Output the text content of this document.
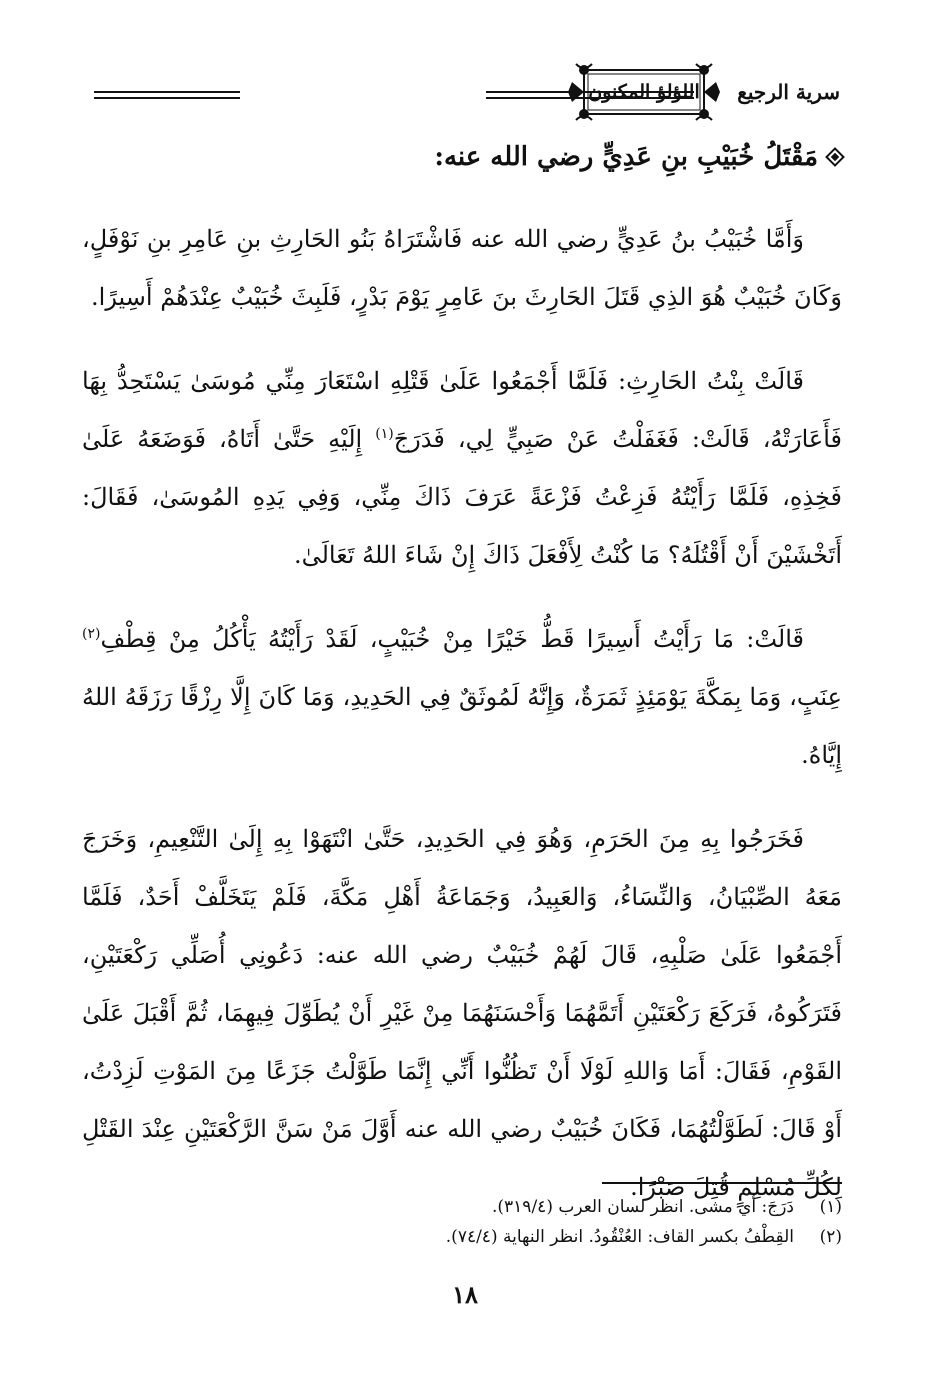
اللؤلؤ المكنون سرية الرجيع
مَقْتَلُ خُبَيْبِ بنِ عَدِيٍّ رضي الله عنه:

وَأَمَّا خُبَيْبُ بنُ عَدِيٍّ رضي الله عنه فَاشْتَرَاهُ بَنُو الحَارِثِ بنِ عَامِرِ بنِ نَوْفَلٍ، وَكَانَ خُبَيْبٌ هُوَ الذِي قَتَلَ الحَارِثَ بنَ عَامِرٍ يَوْمَ بَدْرٍ، فَلَبِثَ خُبَيْبٌ عِنْدَهُمْ أَسِيرًا.

قَالَتْ بِنْتُ الحَارِثِ: فَلَمَّا أَجْمَعُوا عَلَىٰ قَتْلِهِ اسْتَعَارَ مِنِّي مُوسَىٰ يَسْتَحِدُّ بِهَا فَأَعَارَتْهُ، قَالَتْ: فَغَفَلْتُ عَنْ صَبِيٍّ لِي، فَدَرَجَ$^{(١)}$ إِلَيْهِ حَتَّىٰ أَتَاهُ، فَوَضَعَهُ عَلَىٰ فَخِذِهِ، فَلَمَّا رَأَيْتُهُ فَزِعْتُ فَزْعَةً عَرَفَ ذَاكَ مِنِّي، وَفِي يَدِهِ المُوسَىٰ، فَقَالَ: أَتَخْشَيْنَ أَنْ أَقْتُلَهُ؟ مَا كُنْتُ لِأَفْعَلَ ذَاكَ إِنْ شَاءَ اللهُ تَعَالَىٰ.

قَالَتْ: مَا رَأَيْتُ أَسِيرًا قَطُّ خَيْرًا مِنْ خُبَيْبٍ، لَقَدْ رَأَيْتُهُ يَأْكُلُ مِنْ قِطْفِ$^{(٢)}$ عِنَبٍ، وَمَا بِمَكَّةَ يَوْمَئِذٍ ثَمَرَةٌ، وَإِنَّهُ لَمُوثَقٌ فِي الحَدِيدِ، وَمَا كَانَ إِلَّا رِزْقًا رَزَقَهُ اللهُ إِيَّاهُ.

فَخَرَجُوا بِهِ مِنَ الحَرَمِ، وَهُوَ فِي الحَدِيدِ، حَتَّىٰ انْتَهَوْا بِهِ إِلَىٰ التَّنْعِيمِ، وَخَرَجَ مَعَهُ الصِّبْيَانُ، وَالنِّسَاءُ، وَالعَبِيدُ، وَجَمَاعَةُ أَهْلِ مَكَّةَ، فَلَمْ يَتَخَلَّفْ أَحَدٌ، فَلَمَّا أَجْمَعُوا عَلَىٰ صَلْبِهِ، قَالَ لَهُمْ خُبَيْبٌ رضي الله عنه: دَعُونِي أُصَلِّي رَكْعَتَيْنِ، فَتَرَكُوهُ، فَرَكَعَ رَكْعَتَيْنِ أَتَمَّهُمَا وَأَحْسَنَهُمَا مِنْ غَيْرِ أَنْ يُطَوِّلَ فِيهِمَا، ثُمَّ أَقْبَلَ عَلَىٰ القَوْمِ، فَقَالَ: أَمَا وَاللهِ لَوْلَا أَنْ تَظُنُّوا أَنِّي إِنَّمَا طَوَّلْتُ جَزَعًا مِنَ المَوْتِ لَزِدْتُ، أَوْ قَالَ: لَطَوَّلْتُهُمَا، فَكَانَ خُبَيْبٌ رضي الله عنه أَوَّلَ مَنْ سَنَّ الرَّكْعَتَيْنِ عِنْدَ القَتْلِ لِكُلِّ مُسْلِمٍ قُتِلَ صَبْرًا.

(١)
دَرَجَ: أي مشى. انظر لسان العرب (٣١٩/٤).
(٢)
القِطْفُ بكسر القاف: العُنْقُودُ. انظر النهاية (٧٤/٤).
١٨
